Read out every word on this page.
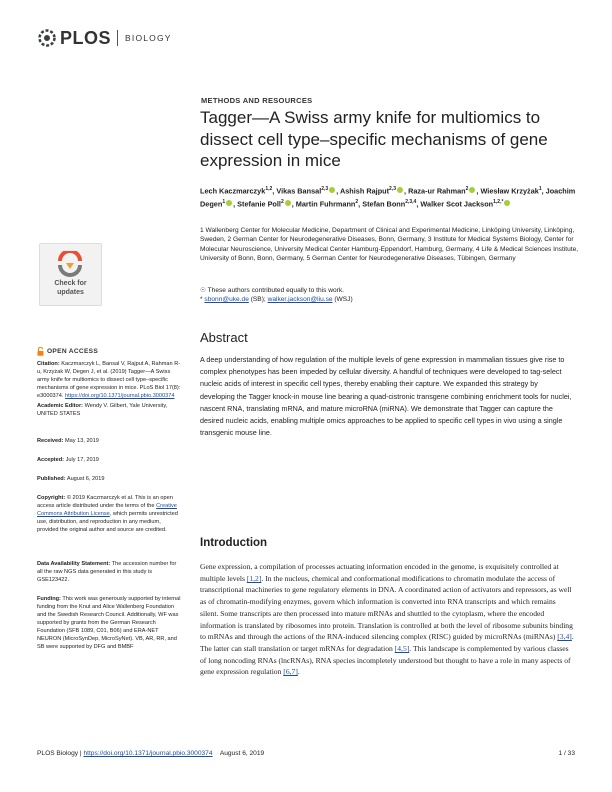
PLOS BIOLOGY
METHODS AND RESOURCES
Tagger—A Swiss army knife for multiomics to dissect cell type–specific mechanisms of gene expression in mice
Lech Kaczmarczyk$^{1,2}$, Vikas Bansal$^{2,3}$ , Ashish Rajput$^{2,3}$ , Raza-ur Rahman$^2$ , Wiesław Krzyżak$^1$, Joachim Degen$^1$ , Stefanie Poll$^2$ , Martin Fuhrmann$^2$, Stefan Bonn$^{2,3,4}$, Walker Scot Jackson$^{1,2,*}$
1 Wallenberg Center for Molecular Medicine, Department of Clinical and Experimental Medicine, Linköping University, Linköping, Sweden, 2 German Center for Neurodegenerative Diseases, Bonn, Germany, 3 Institute for Medical Systems Biology, Center for Molecular Neuroscience, University Medical Center Hamburg-Eppendorf, Hamburg, Germany, 4 Life & Medical Sciences Institute, University of Bonn, Bonn, Germany, 5 German Center for Neurodegenerative Diseases, Tübingen, Germany
☉ These authors contributed equally to this work.
* sbonn@uke.de (SB); walker.jackson@liu.se (WSJ)
Check for
updates
OPEN ACCESS
Citation: Kaczmarczyk L, Bansal V, Rajput A, Rahman R-u, Krzyżak W, Degen J, et al. (2019) Tagger—A Swiss army knife for multiomics to dissect cell type–specific mechanisms of gene expression in mice. PLoS Biol 17(8): e3000374. https://doi.org/10.1371/journal.pbio.3000374
Academic Editor: Wendy V. Gilbert, Yale University, UNITED STATES
Received: May 13, 2019
Accepted: July 17, 2019
Published: August 6, 2019
Copyright: © 2019 Kaczmarczyk et al. This is an open access article distributed under the terms of the Creative Commons Attribution License, which permits unrestricted use, distribution, and reproduction in any medium, provided the original author and source are credited.
Data Availability Statement: The accession number for all the raw NGS data generated in this study is GSE123422.
Funding: This work was generously supported by internal funding from the Knut and Alice Wallenberg Foundation and the Swedish Research Council. Additionally, WF was supported by grants from the German Research Foundation (SFB 1089, C01, B06) and ERA-NET NEURON (MicroSynDep, MicroSyNet). VB, AR, RR, and SB were supported by DFG and BMBF
Abstract
A deep understanding of how regulation of the multiple levels of gene expression in mammalian tissues give rise to complex phenotypes has been impeded by cellular diversity. A handful of techniques were developed to tag-select nucleic acids of interest in specific cell types, thereby enabling their capture. We expanded this strategy by developing the Tagger knock-in mouse line bearing a quad-cistronic transgene combining enrichment tools for nuclei, nascent RNA, translating mRNA, and mature microRNA (miRNA). We demonstrate that Tagger can capture the desired nucleic acids, enabling multiple omics approaches to be applied to specific cell types in vivo using a single transgenic mouse line.
Introduction
Gene expression, a compilation of processes actuating information encoded in the genome, is exquisitely controlled at multiple levels [1,2]. In the nucleus, chemical and conformational modifications to chromatin modulate the access of transcriptional machineries to gene regulatory elements in DNA. A coordinated action of activators and repressors, as well as of chromatin-modifying enzymes, govern which information is converted into RNA transcripts and which remains silent. Some transcripts are then processed into mature mRNAs and shuttled to the cytoplasm, where the encoded information is translated by ribosomes into protein. Translation is controlled at both the level of ribosome subunits binding to mRNAs and through the actions of the RNA-induced silencing complex (RISC) guided by microRNAs (miRNAs) [3,4]. The latter can stall translation or target mRNAs for degradation [4,5]. This landscape is complemented by various classes of long noncoding RNAs (lncRNAs), RNA species incompletely understood but thought to have a role in many aspects of gene expression regulation [6,7].
PLOS Biology | https://doi.org/10.1371/journal.pbio.3000374 August 6, 2019	1 / 33
